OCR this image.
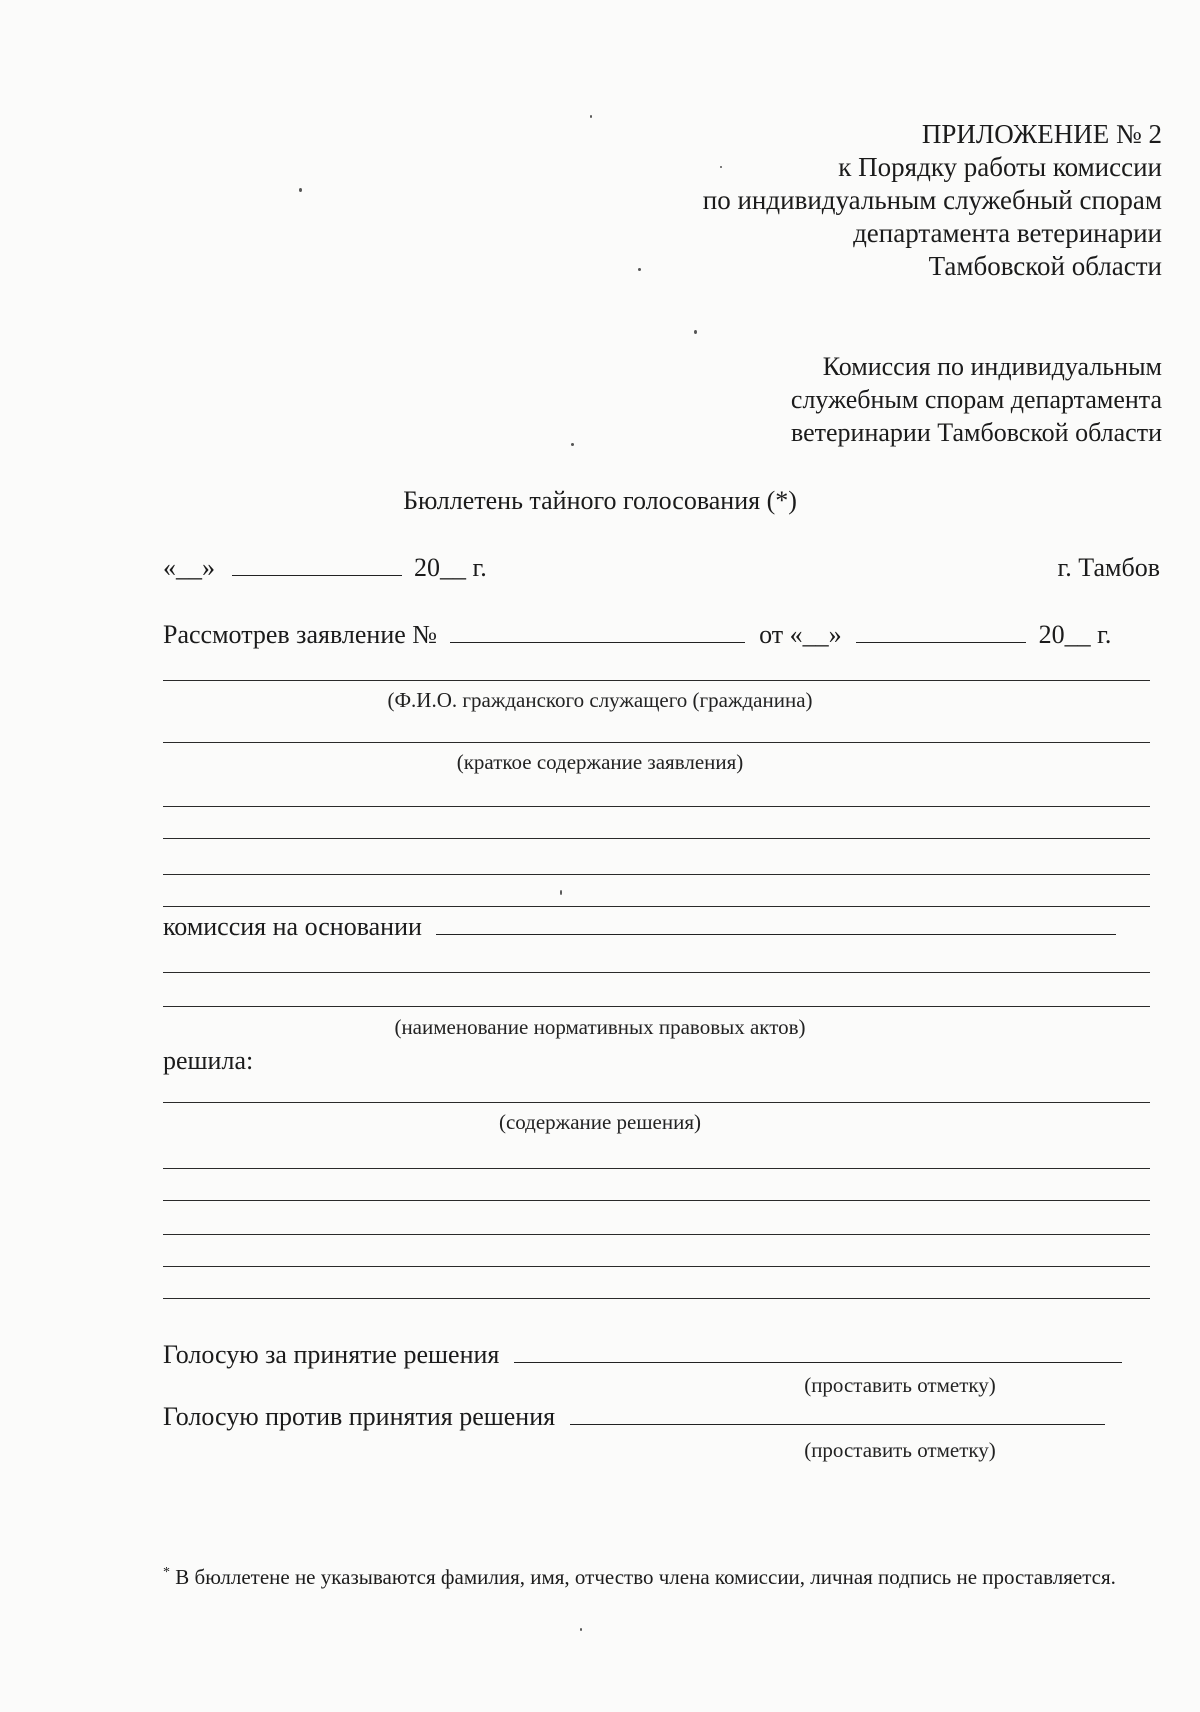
ПРИЛОЖЕНИЕ № 2
к Порядку работы комиссии
по индивидуальным служебный спорам
департамента ветеринарии
Тамбовской области
Комиссия по индивидуальным
служебным спорам департамента
ветеринарии Тамбовской области
Бюллетень тайного голосования (*)
«__»	20__ г.	г. Тамбов
Рассмотрев заявление №	от «__»	20__ г.
(Ф.И.О. гражданского служащего (гражданина)
(краткое содержание заявления)
комиссия на основании
(наименование нормативных правовых актов)
решила:
(содержание решения)
Голосую за принятие решения
(проставить отметку)
Голосую против принятия решения
(проставить отметку)
* В бюллетене не указываются фамилия, имя, отчество члена комиссии, личная подпись не проставляется.
